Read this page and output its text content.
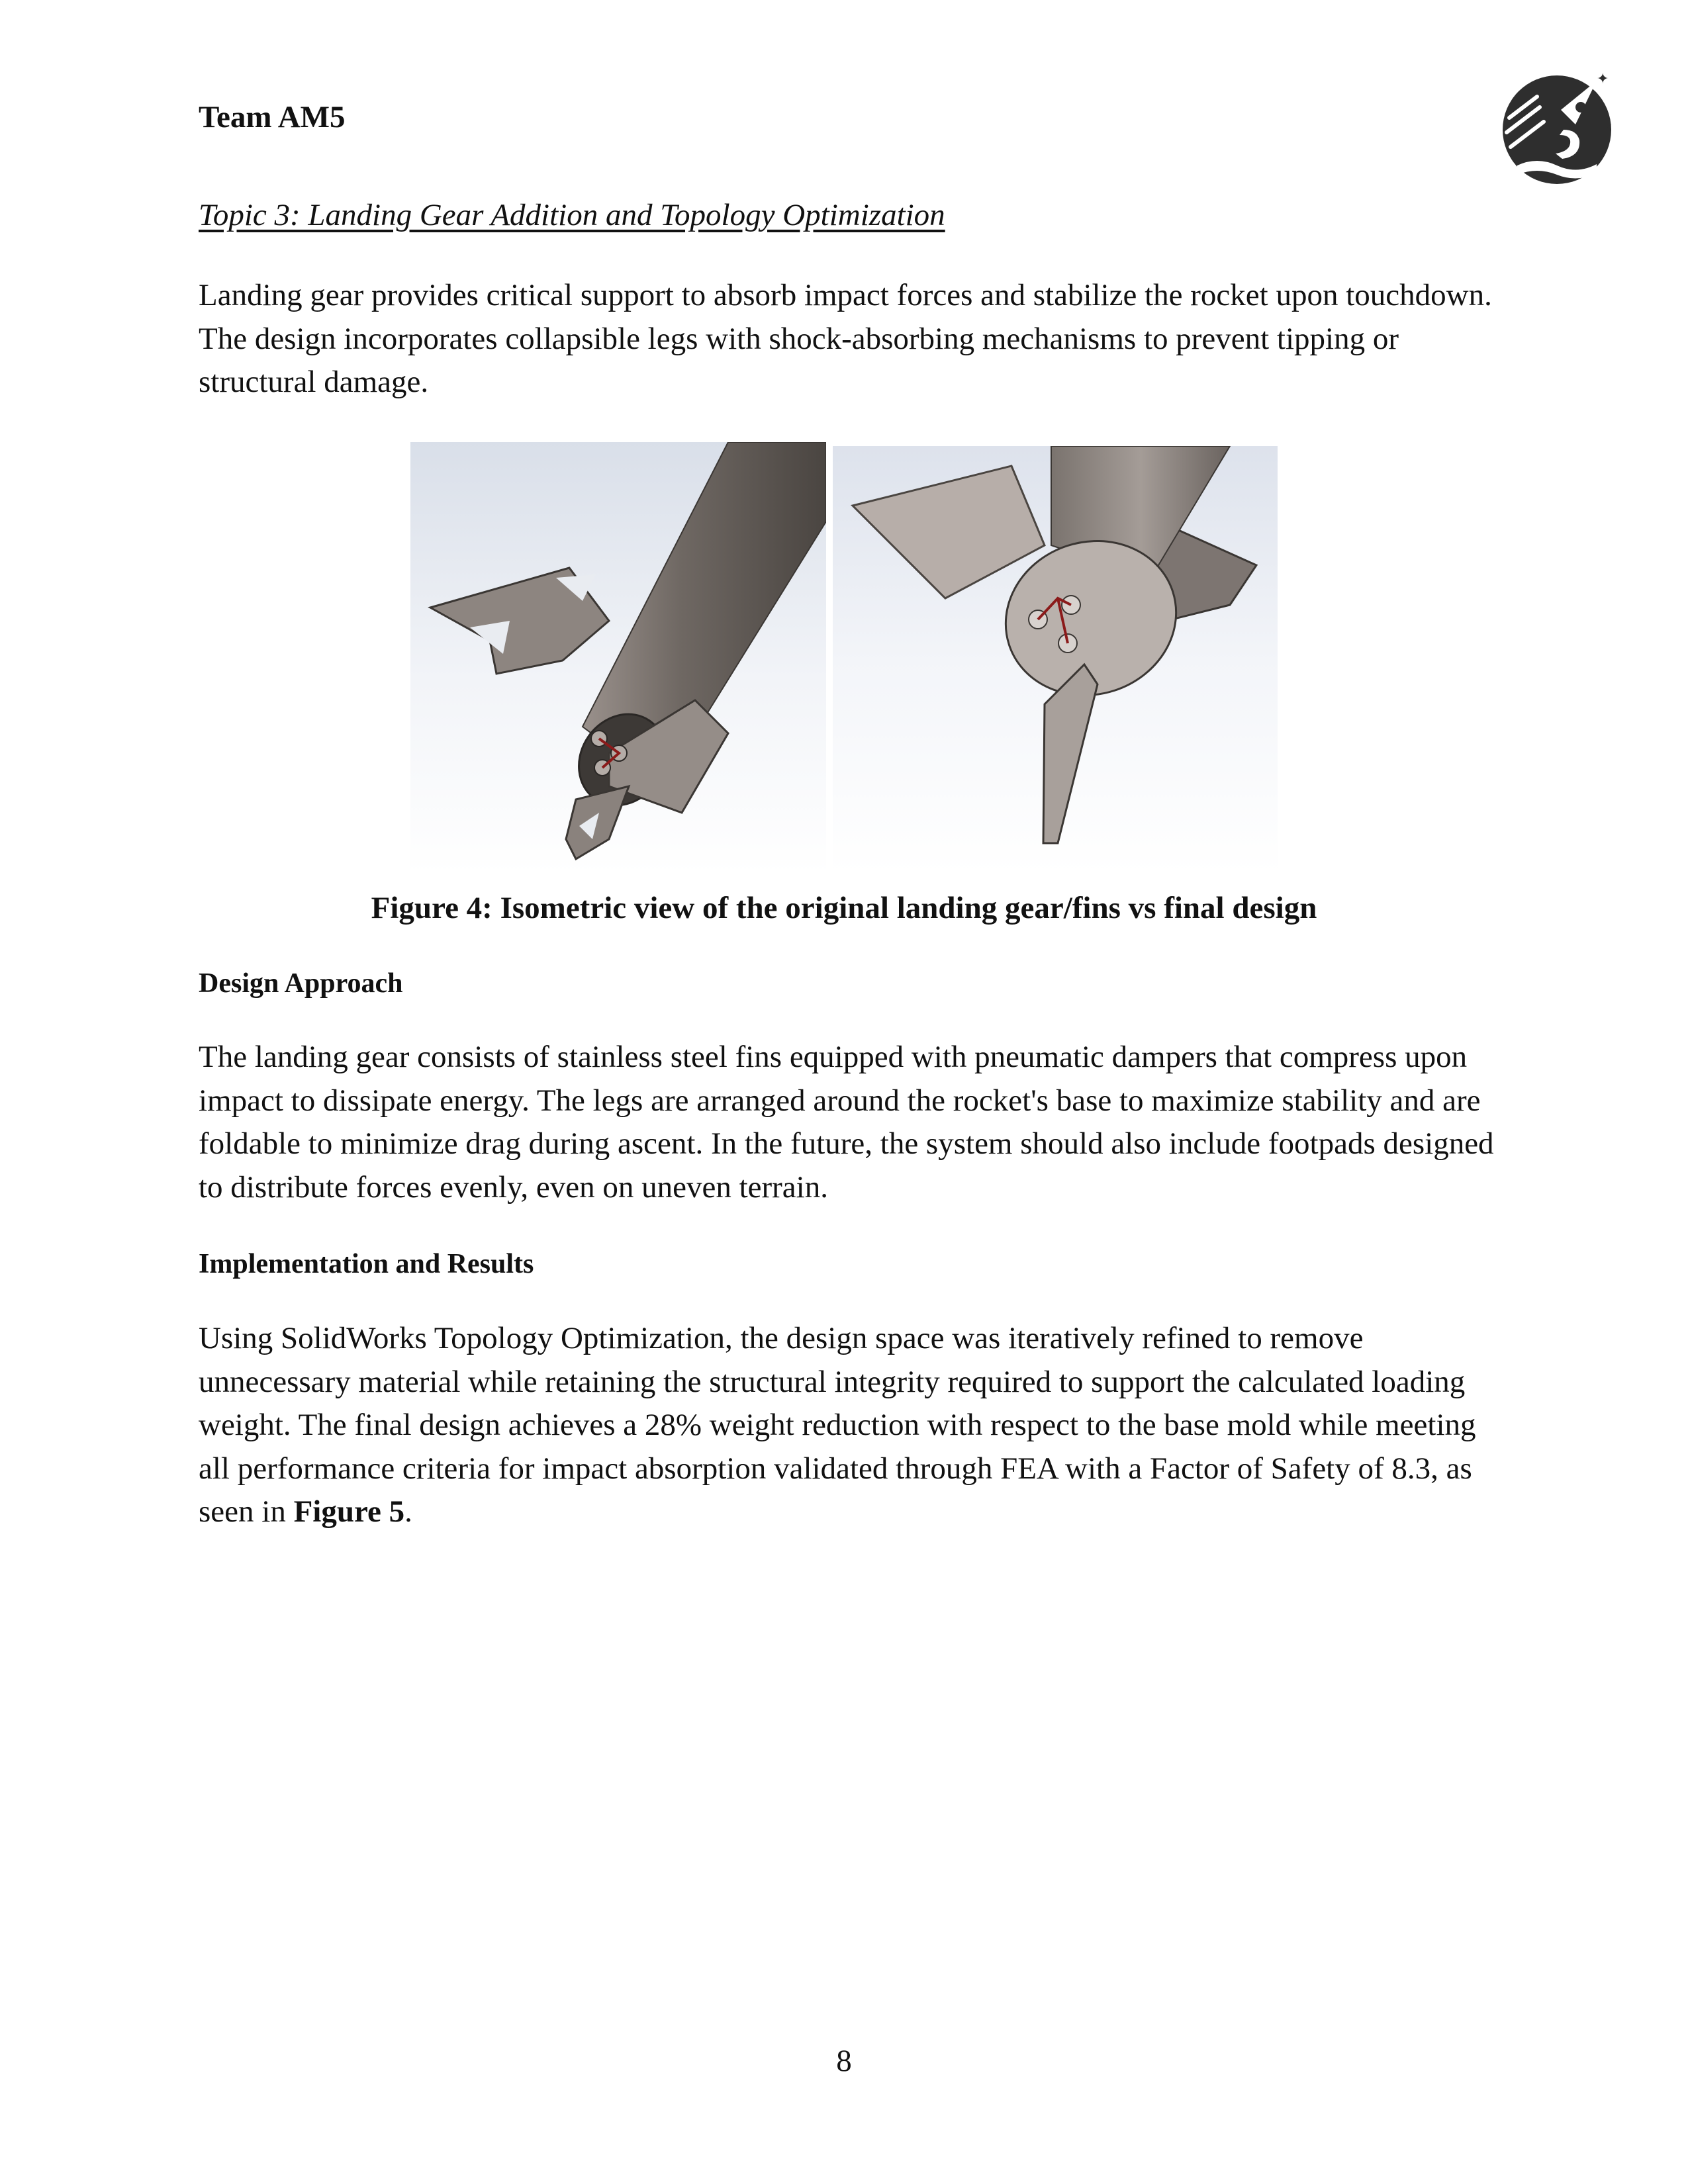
Team AM5
✦
✦
Topic 3: Landing Gear Addition and Topology Optimization
Landing gear provides critical support to absorb impact forces and stabilize the rocket upon touchdown. The design incorporates collapsible legs with shock-absorbing mechanisms to prevent tipping or structural damage.
Figure 4: Isometric view of the original landing gear/fins vs final design
Design Approach
The landing gear consists of stainless steel fins equipped with pneumatic dampers that compress upon impact to dissipate energy. The legs are arranged around the rocket's base to maximize stability and are foldable to minimize drag during ascent. In the future, the system should also include footpads designed to distribute forces evenly, even on uneven terrain.
Implementation and Results
Using SolidWorks Topology Optimization, the design space was iteratively refined to remove unnecessary material while retaining the structural integrity required to support the calculated loading weight. The final design achieves a 28% weight reduction with respect to the base mold while meeting all performance criteria for impact absorption validated through FEA with a Factor of Safety of 8.3, as seen in Figure 5.
8
